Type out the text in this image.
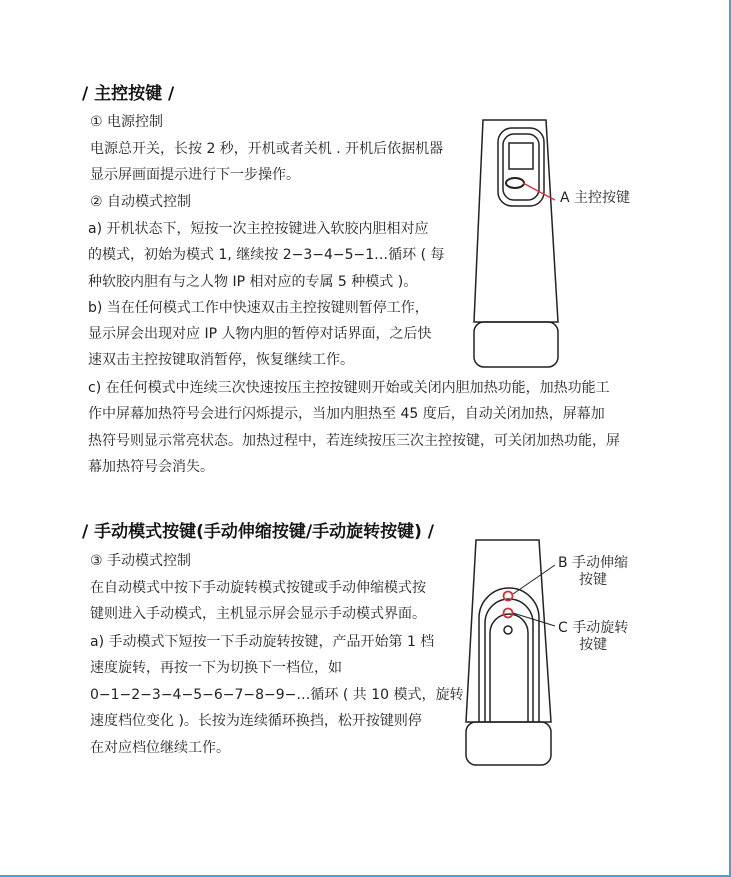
/ 主控按键 /
① 电源控制
电源总开关，长按 2 秒，开机或者关机 . 开机后依据机器
显示屏画面提示进行下一步操作。
② 自动模式控制
a) 开机状态下，短按一次主控按键进入软胶内胆相对应
的模式，初始为模式 1, 继续按 2−3−4−5−1…循环 ( 每
种软胶内胆有与之人物 IP 相对应的专属 5 种模式 )。
b) 当在任何模式工作中快速双击主控按键则暂停工作，
显示屏会出现对应 IP 人物内胆的暂停对话界面，之后快
速双击主控按键取消暂停，恢复继续工作。
c) 在任何模式中连续三次快速按压主控按键则开始或关闭内胆加热功能，加热功能工
作中屏幕加热符号会进行闪烁提示，当加内胆热至 45 度后，自动关闭加热，屏幕加
热符号则显示常亮状态。加热过程中，若连续按压三次主控按键，可关闭加热功能，屏
幕加热符号会消失。
A 主控按键
/ 手动模式按键(手动伸缩按键/手动旋转按键) /
③ 手动模式控制
在自动模式中按下手动旋转模式按键或手动伸缩模式按
键则进入手动模式，主机显示屏会显示手动模式界面。
a) 手动模式下短按一下手动旋转按键，产品开始第 1 档
速度旋转，再按一下为切换下一档位，如
0−1−2−3−4−5−6−7−8−9−…循环 ( 共 10 模式，旋转
速度档位变化 )。长按为连续循环换挡，松开按键则停
在对应档位继续工作。
B 手动伸缩
按键
C 手动旋转
按键
